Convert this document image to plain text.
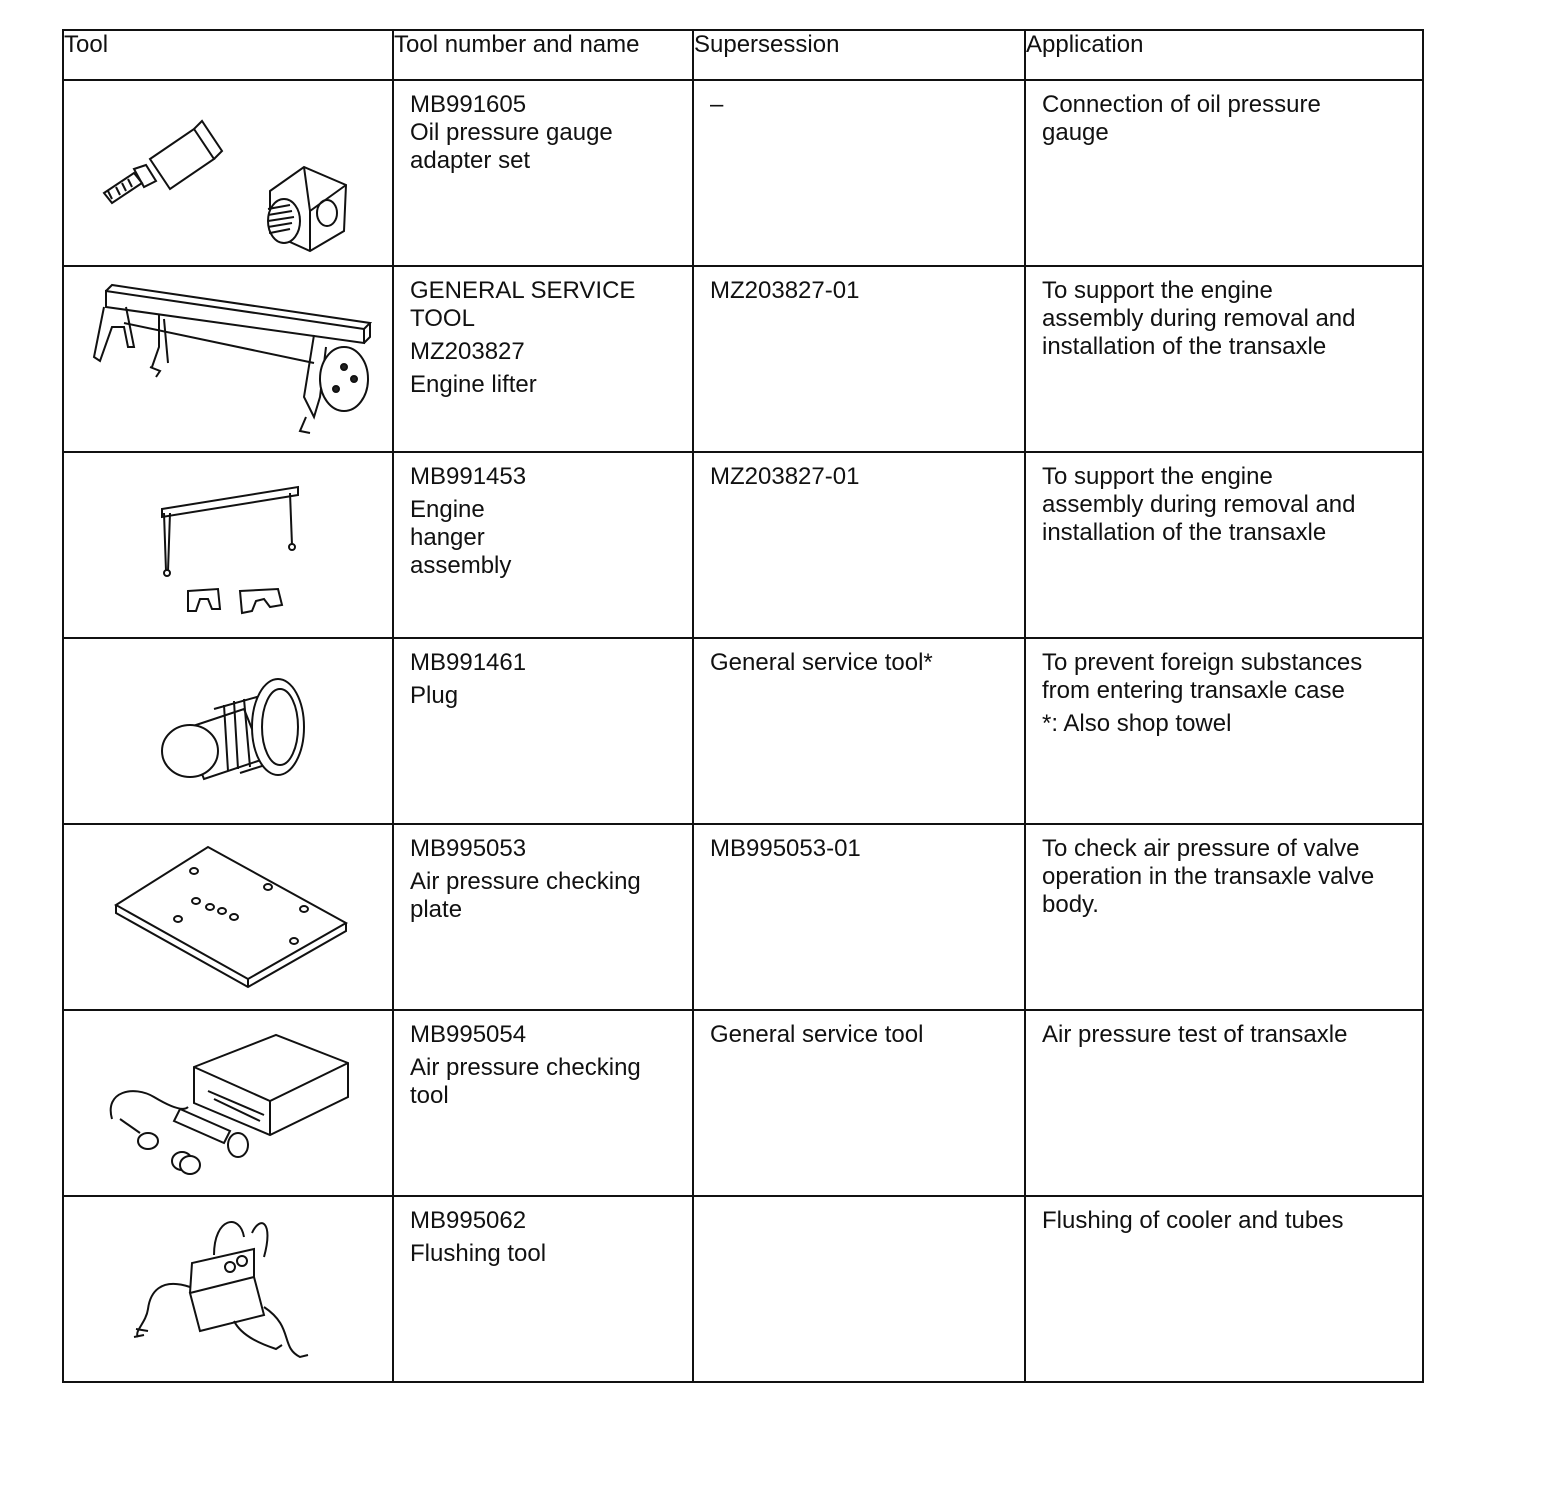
Tool	Tool number and name	Supersession	Application

MB991605
Oil pressure gauge
adapter set	–	Connection of oil pressure
gauge

GENERAL SERVICE
TOOL
MZ203827
Engine lifter	MZ203827-01	To support the engine
assembly during removal and
installation of the transaxle

MB991453
Engine
hanger
assembly	MZ203827-01	To support the engine
assembly during removal and
installation of the transaxle

MB991461
Plug	General service tool*	To prevent foreign substances
from entering transaxle case
*: Also shop towel

MB995053
Air pressure checking
plate	MB995053-01	To check air pressure of valve
operation in the transaxle valve
body.

MB995054
Air pressure checking
tool	General service tool	Air pressure test of transaxle

MB995062
Flushing tool		Flushing of cooler and tubes
